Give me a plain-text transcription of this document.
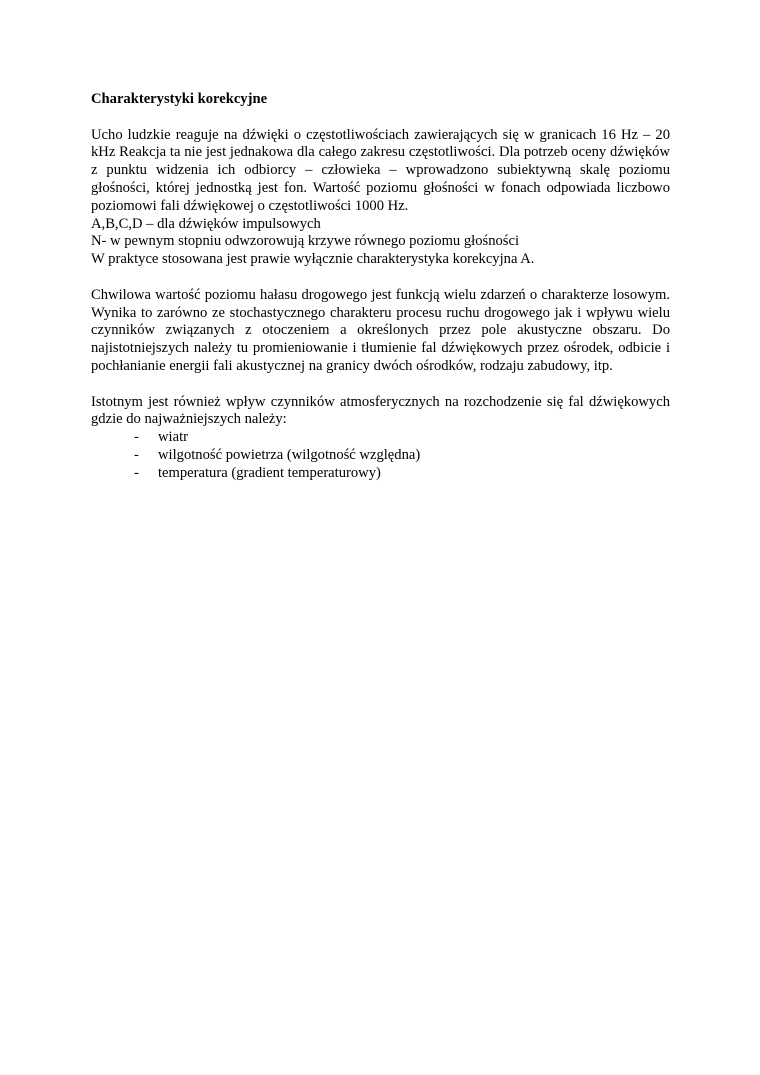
Charakterystyki korekcyjne

Ucho ludzkie reaguje na dźwięki o częstotliwościach zawierających się w granicach 16 Hz – 20 kHz Reakcja ta nie jest jednakowa dla całego zakresu częstotliwości. Dla potrzeb oceny dźwięków z punktu widzenia ich odbiorcy – człowieka – wprowadzono subiektywną skalę poziomu głośności, której jednostką jest fon. Wartość poziomu głośności w fonach odpowiada liczbowo poziomowi fali dźwiękowej o częstotliwości 1000 Hz.

A,B,C,D – dla dźwięków impulsowych
N- w pewnym stopniu odwzorowują krzywe równego poziomu głośności
W praktyce stosowana jest prawie wyłącznie charakterystyka korekcyjna A.

Chwilowa wartość poziomu hałasu drogowego jest funkcją wielu zdarzeń o charakterze losowym. Wynika to zarówno ze stochastycznego charakteru procesu ruchu drogowego jak i wpływu wielu czynników związanych z otoczeniem a określonych przez pole akustyczne obszaru. Do najistotniejszych należy tu promieniowanie i tłumienie fal dźwiękowych przez ośrodek, odbicie i pochłanianie energii fali akustycznej na granicy dwóch ośrodków, rodzaju zabudowy, itp.

Istotnym jest również wpływ czynników atmosferycznych na rozchodzenie się fal dźwiękowych gdzie do najważniejszych należy:

- wiatr
- wilgotność powietrza (wilgotność względna)
- temperatura (gradient temperaturowy)
